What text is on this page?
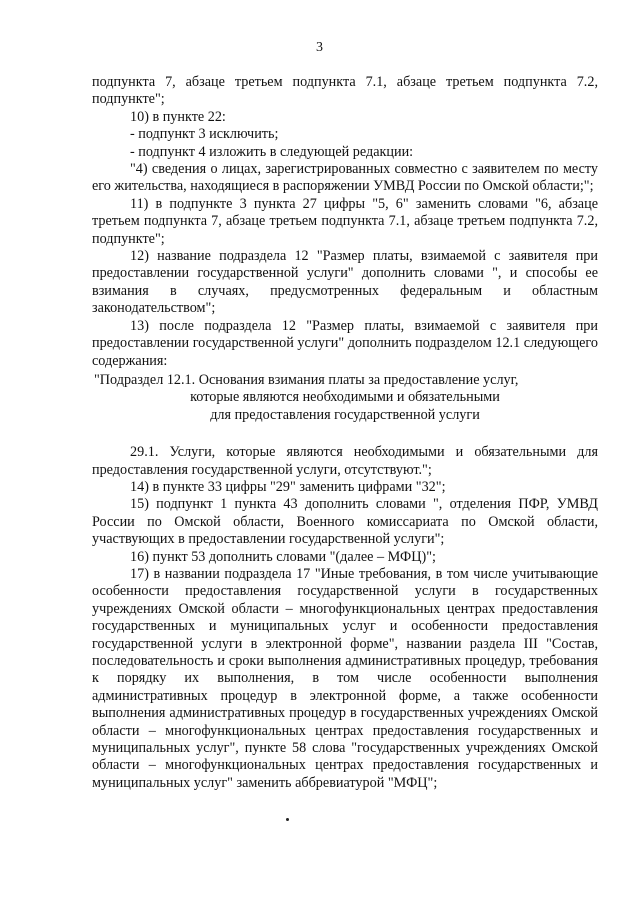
3

подпункта 7, абзаце третьем подпункта 7.1, абзаце третьем подпункта 7.2, подпункте";

10) в пункте 22:

- подпункт 3 исключить;

- подпункт 4 изложить в следующей редакции:

"4) сведения о лицах, зарегистрированных совместно с заявителем по месту его жительства, находящиеся в распоряжении УМВД России по Омской области;";

11) в подпункте 3 пункта 27 цифры "5, 6" заменить словами "6, абзаце третьем подпункта 7, абзаце третьем подпункта 7.1, абзаце третьем подпункта 7.2, подпункте";

12) название подраздела 12 "Размер платы, взимаемой с заявителя при предоставлении государственной услуги" дополнить словами ", и способы ее взимания в случаях, предусмотренных федеральным и областным законодательством";

13) после подраздела 12 "Размер платы, взимаемой с заявителя при предоставлении государственной услуги" дополнить подразделом 12.1 следующего содержания:

"Подраздел 12.1. Основания взимания платы за предоставление услуг,

которые являются необходимыми и обязательными

для предоставления государственной услуги

29.1. Услуги, которые являются необходимыми и обязательными для предоставления государственной услуги, отсутствуют.";

14) в пункте 33 цифры "29" заменить цифрами "32";

15) подпункт 1 пункта 43 дополнить словами ", отделения ПФР, УМВД России по Омской области, Военного комиссариата по Омской области, участвующих в предоставлении государственной услуги";

16) пункт 53 дополнить словами "(далее – МФЦ)";

17) в названии подраздела 17 "Иные требования, в том числе учитывающие особенности предоставления государственной услуги в государственных учреждениях Омской области – многофункциональных центрах предоставления государственных и муниципальных услуг и особенности предоставления государственной услуги в электронной форме", названии раздела III "Состав, последовательность и сроки выполнения административных процедур, требования к порядку их выполнения, в том числе особенности выполнения административных процедур в электронной форме, а также особенности выполнения административных процедур в государственных учреждениях Омской области – многофункциональных центрах предоставления государственных и муниципальных услуг", пункте 58 слова "государственных учреждениях Омской области – многофункциональных центрах предоставления государственных и муниципальных услуг" заменить аббревиатурой "МФЦ";
